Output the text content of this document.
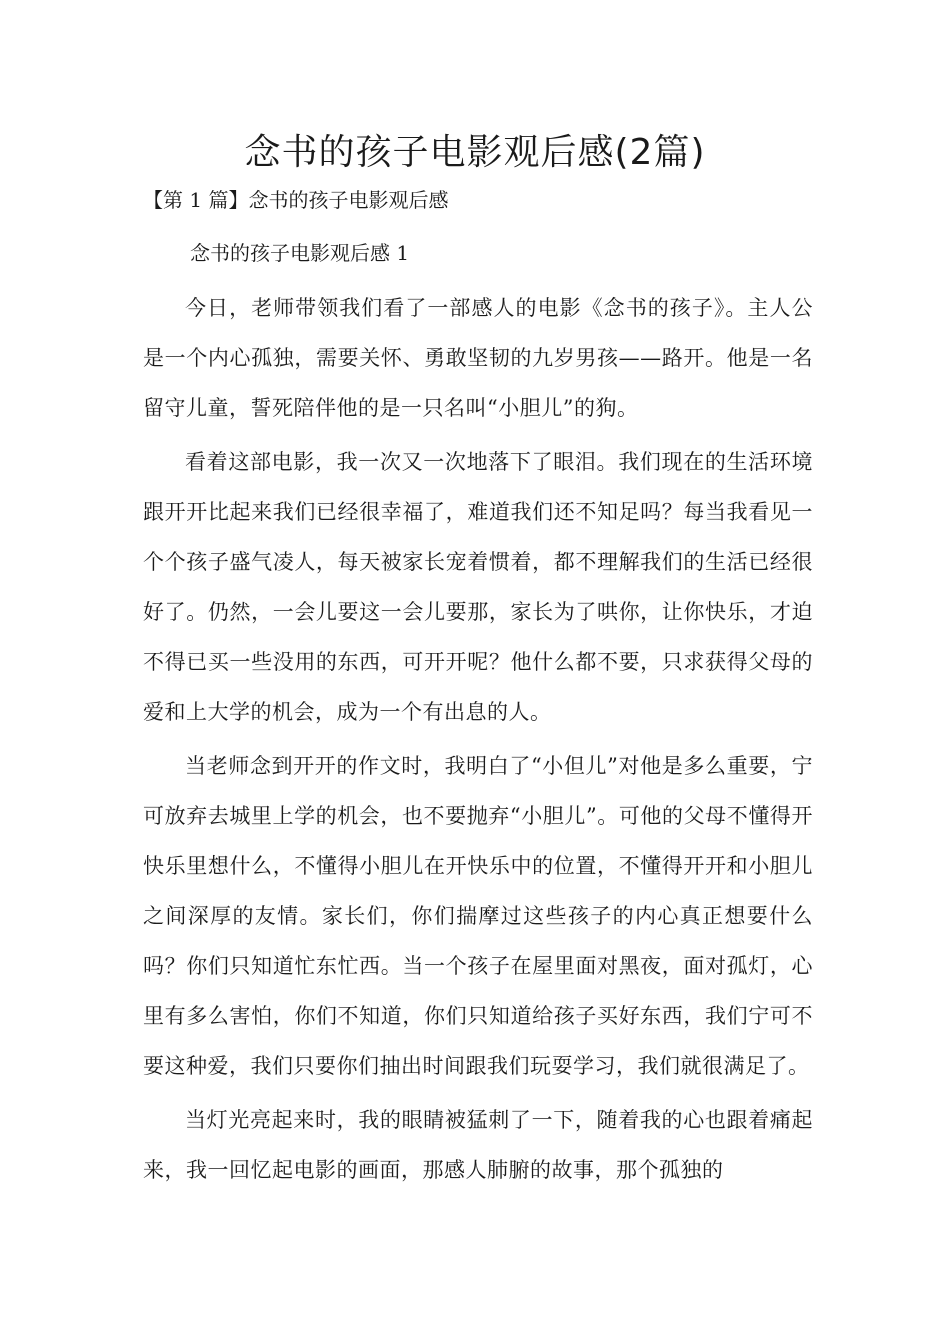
念书的孩子电影观后感(2篇)
【第 1 篇】念书的孩子电影观后感

念书的孩子电影观后感 1

今日，老师带领我们看了一部感人的电影《念书的孩子》。主人公是一个内心孤独，需要关怀、勇敢坚韧的九岁男孩——路开。他是一名留守儿童，誓死陪伴他的是一只名叫“小胆儿”的狗。

看着这部电影，我一次又一次地落下了眼泪。我们现在的生活环境跟开开比起来我们已经很幸福了，难道我们还不知足吗？每当我看见一个个孩子盛气凌人，每天被家长宠着惯着，都不理解我们的生活已经很好了。仍然，一会儿要这一会儿要那，家长为了哄你，让你快乐，才迫不得已买一些没用的东西，可开开呢？他什么都不要，只求获得父母的爱和上大学的机会，成为一个有出息的人。

当老师念到开开的作文时，我明白了“小但儿”对他是多么重要，宁可放弃去城里上学的机会，也不要抛弃“小胆儿”。可他的父母不懂得开快乐里想什么，不懂得小胆儿在开快乐中的位置，不懂得开开和小胆儿之间深厚的友情。家长们，你们揣摩过这些孩子的内心真正想要什么吗？你们只知道忙东忙西。当一个孩子在屋里面对黑夜，面对孤灯，心里有多么害怕，你们不知道，你们只知道给孩子买好东西，我们宁可不要这种爱，我们只要你们抽出时间跟我们玩耍学习，我们就很满足了。

当灯光亮起来时，我的眼睛被猛刺了一下，随着我的心也跟着痛起来，我一回忆起电影的画面，那感人肺腑的故事，那个孤独的
